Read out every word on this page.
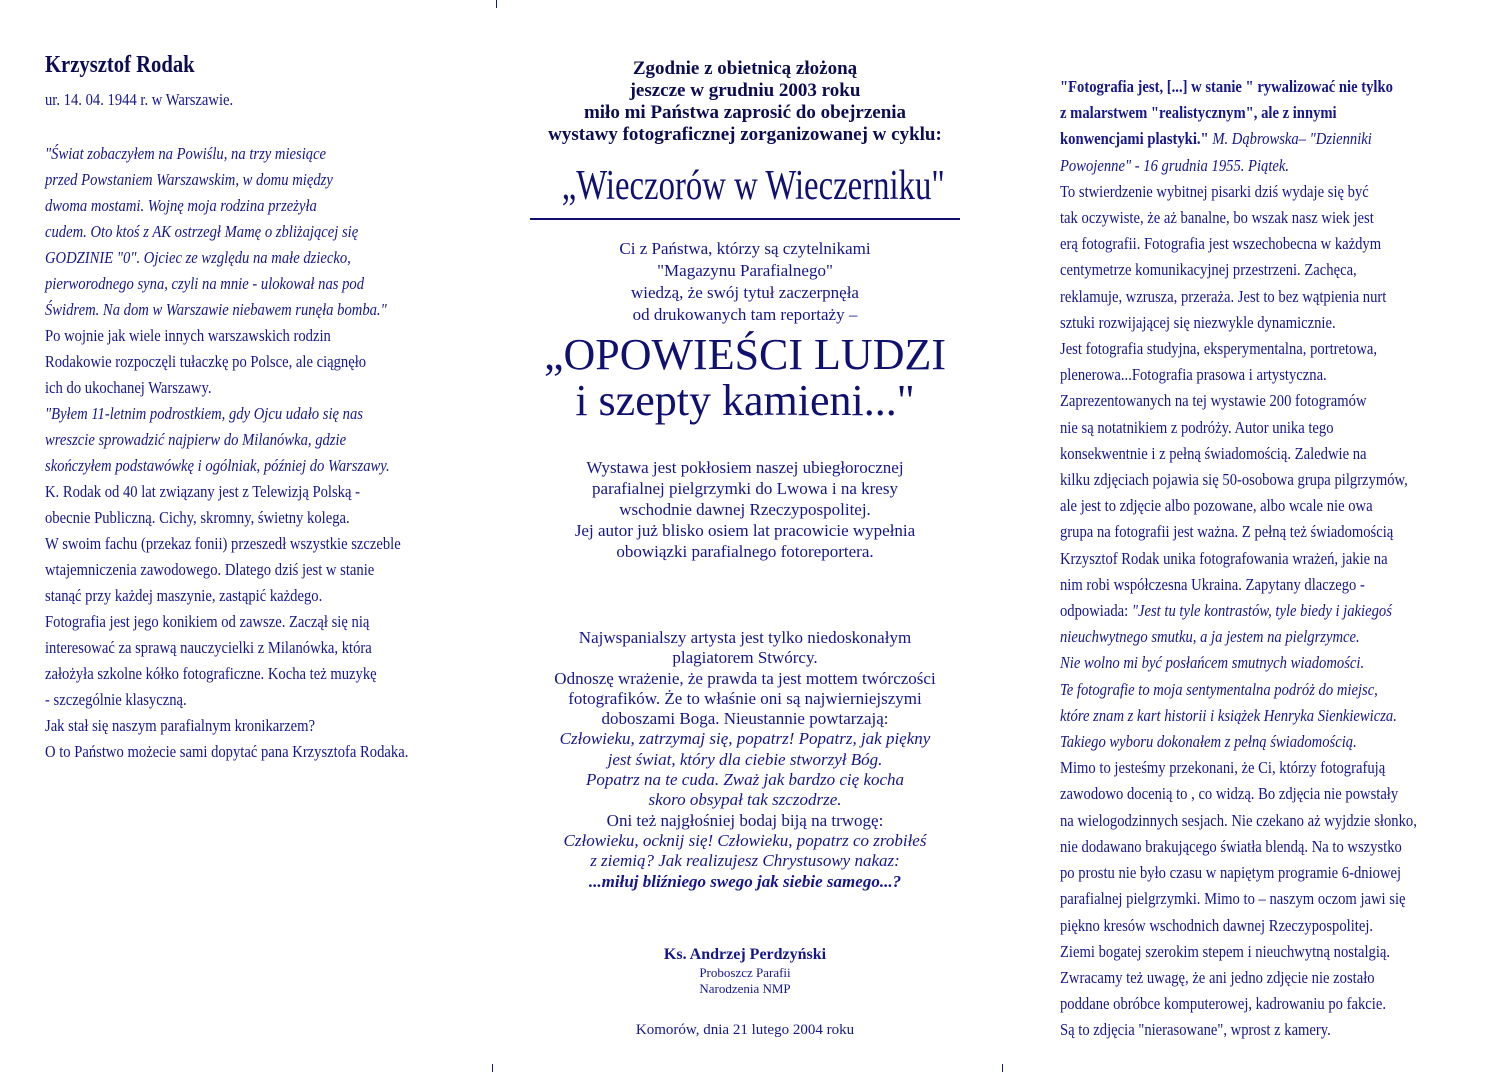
Krzysztof Rodak
ur. 14. 04. 1944 r. w Warszawie.
"Świat zobaczyłem na Powiślu, na trzy miesiące
przed Powstaniem Warszawskim, w domu między
dwoma mostami. Wojnę moja rodzina przeżyła
cudem. Oto ktoś z AK ostrzegł Mamę o zbliżającej się
GODZINIE "0". Ojciec ze względu na małe dziecko,
pierworodnego syna, czyli na mnie - ulokował nas pod
Świdrem. Na dom w Warszawie niebawem runęła bomba."
Po wojnie jak wiele innych warszawskich rodzin
Rodakowie rozpoczęli tułaczkę po Polsce, ale ciągnęło
ich do ukochanej Warszawy.
"Byłem 11-letnim podrostkiem, gdy Ojcu udało się nas
wreszcie sprowadzić najpierw do Milanówka, gdzie
skończyłem podstawówkę i ogólniak, później do Warszawy.
K. Rodak od 40 lat związany jest z Telewizją Polską -
obecnie Publiczną. Cichy, skromny, świetny kolega.
W swoim fachu (przekaz fonii) przeszedł wszystkie szczeble
wtajemniczenia zawodowego. Dlatego dziś jest w stanie
stanąć przy każdej maszynie, zastąpić każdego.
Fotografia jest jego konikiem od zawsze. Zaczął się nią
interesować za sprawą nauczycielki z Milanówka, która
założyła szkolne kółko fotograficzne. Kocha też muzykę
- szczególnie klasyczną.
Jak stał się naszym parafialnym kronikarzem?
O to Państwo możecie sami dopytać pana Krzysztofa Rodaka.
Zgodnie z obietnicą złożoną
jeszcze w grudniu 2003 roku
miło mi Państwa zaprosić do obejrzenia
wystawy fotograficznej zorganizowanej w cyklu:
„Wieczorów w Wieczerniku"
Ci z Państwa, którzy są czytelnikami
"Magazynu Parafialnego"
wiedzą, że swój tytuł zaczerpnęła
od drukowanych tam reportaży –
„OPOWIEŚCI LUDZI
i szepty kamieni..."
Wystawa jest pokłosiem naszej ubiegłorocznej
parafialnej pielgrzymki do Lwowa i na kresy
wschodnie dawnej Rzeczypospolitej.
Jej autor już blisko osiem lat pracowicie wypełnia
obowiązki parafialnego fotoreportera.
Najwspanialszy artysta jest tylko niedoskonałym
plagiatorem Stwórcy.
Odnoszę wrażenie, że prawda ta jest mottem twórczości
fotografików. Że to właśnie oni są najwierniejszymi
doboszami Boga. Nieustannie powtarzają:
Człowieku, zatrzymaj się, popatrz! Popatrz, jak piękny
jest świat, który dla ciebie stworzył Bóg.
Popatrz na te cuda. Zważ jak bardzo cię kocha
skoro obsypał tak szczodrze.
Oni też najgłośniej bodaj biją na trwogę:
Człowieku, ocknij się! Człowieku, popatrz co zrobiłeś
z ziemią? Jak realizujesz Chrystusowy nakaz:
...miłuj bliźniego swego jak siebie samego...?
Ks. Andrzej Perdzyński
Proboszcz Parafii
Narodzenia NMP
Komorów, dnia 21 lutego 2004 roku
"Fotografia jest, [...] w stanie " rywalizować nie tylko
z malarstwem "realistycznym", ale z innymi
konwencjami plastyki." M. Dąbrowska– "Dzienniki
Powojenne" - 16 grudnia 1955. Piątek.
To stwierdzenie wybitnej pisarki dziś wydaje się być
tak oczywiste, że aż banalne, bo wszak nasz wiek jest
erą fotografii. Fotografia jest wszechobecna w każdym
centymetrze komunikacyjnej przestrzeni. Zachęca,
reklamuje, wzrusza, przeraża. Jest to bez wątpienia nurt
sztuki rozwijającej się niezwykle dynamicznie.
Jest fotografia studyjna, eksperymentalna, portretowa,
plenerowa...Fotografia prasowa i artystyczna.
Zaprezentowanych na tej wystawie 200 fotogramów
nie są notatnikiem z podróży. Autor unika tego
konsekwentnie i z pełną świadomością. Zaledwie na
kilku zdjęciach pojawia się 50-osobowa grupa pilgrzymów,
ale jest to zdjęcie albo pozowane, albo wcale nie owa
grupa na fotografii jest ważna. Z pełną też świadomością
Krzysztof Rodak unika fotografowania wrażeń, jakie na
nim robi współczesna Ukraina. Zapytany dlaczego -
odpowiada: "Jest tu tyle kontrastów, tyle biedy i jakiegoś
nieuchwytnego smutku, a ja jestem na pielgrzymce.
Nie wolno mi być posłańcem smutnych wiadomości.
Te fotografie to moja sentymentalna podróż do miejsc,
które znam z kart historii i książek Henryka Sienkiewicza.
Takiego wyboru dokonałem z pełną świadomością.
Mimo to jesteśmy przekonani, że Ci, którzy fotografują
zawodowo docenią to , co widzą. Bo zdjęcia nie powstały
na wielogodzinnych sesjach. Nie czekano aż wyjdzie słonko,
nie dodawano brakującego światła blendą. Na to wszystko
po prostu nie było czasu w napiętym programie 6-dniowej
parafialnej pielgrzymki. Mimo to – naszym oczom jawi się
piękno kresów wschodnich dawnej Rzeczypospolitej.
Ziemi bogatej szerokim stepem i nieuchwytną nostalgią.
Zwracamy też uwagę, że ani jedno zdjęcie nie zostało
poddane obróbce komputerowej, kadrowaniu po fakcie.
Są to zdjęcia "nierasowane", wprost z kamery.
